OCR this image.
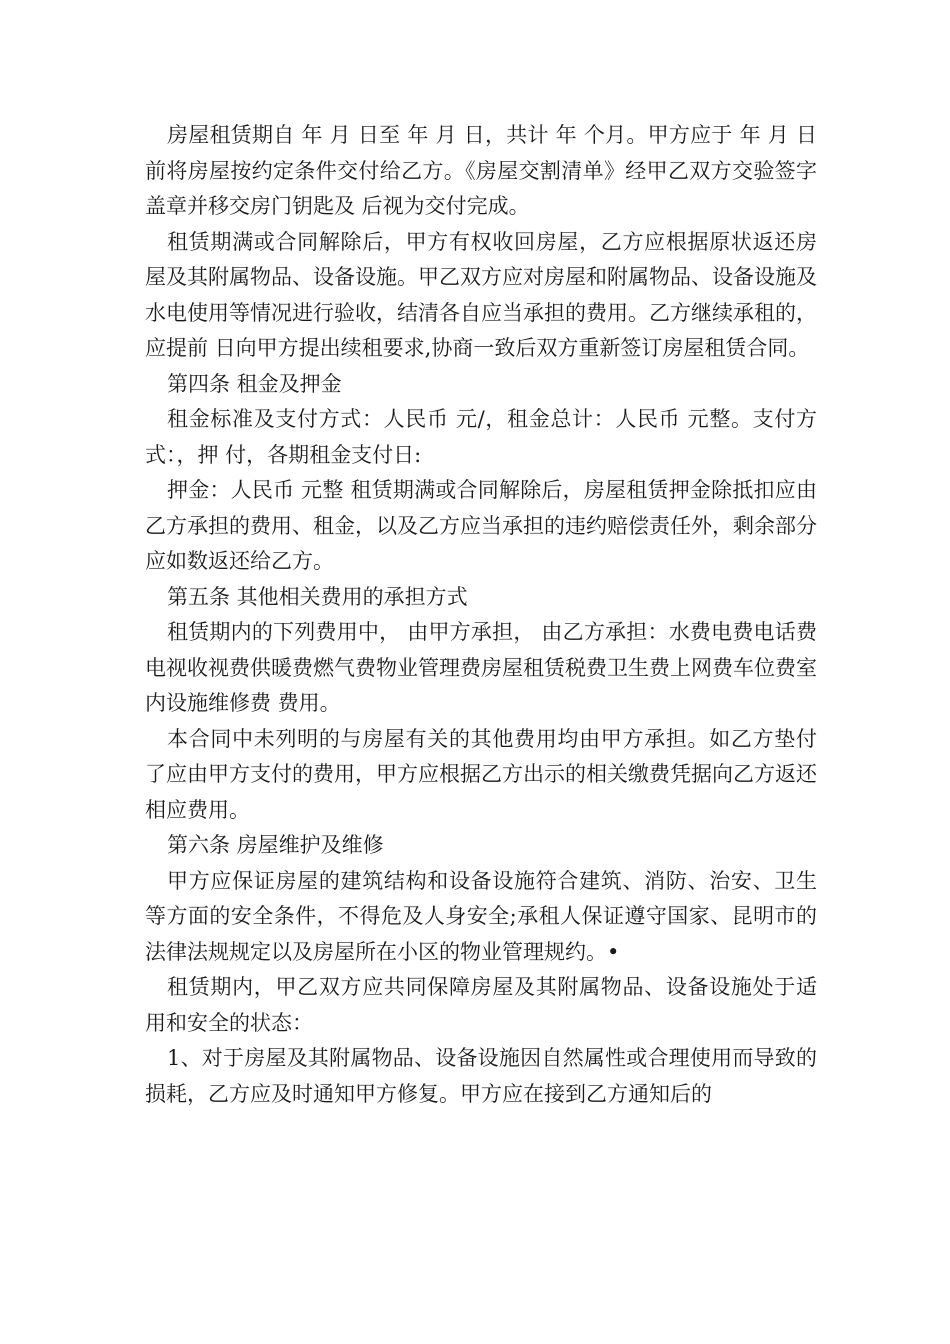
房屋租赁期自 年 月 日至 年 月 日，共计 年 个月。甲方应于 年 月 日前将房屋按约定条件交付给乙方。《房屋交割清单》经甲乙双方交验签字盖章并移交房门钥匙及 后视为交付完成。

租赁期满或合同解除后，甲方有权收回房屋，乙方应根据原状返还房屋及其附属物品、设备设施。甲乙双方应对房屋和附属物品、设备设施及水电使用等情况进行验收，结清各自应当承担的费用。乙方继续承租的，应提前 日向甲方提出续租要求,协商一致后双方重新签订房屋租赁合同。

第四条 租金及押金

租金标准及支付方式：人民币 元/，租金总计：人民币 元整。支付方式：，押 付，各期租金支付日:

押金：人民币 元整 租赁期满或合同解除后，房屋租赁押金除抵扣应由乙方承担的费用、租金，以及乙方应当承担的违约赔偿责任外，剩余部分应如数返还给乙方。

第五条 其他相关费用的承担方式

租赁期内的下列费用中， 由甲方承担， 由乙方承担：水费电费电话费电视收视费供暖费燃气费物业管理费房屋租赁税费卫生费上网费车位费室内设施维修费 费用。

本合同中未列明的与房屋有关的其他费用均由甲方承担。如乙方垫付了应由甲方支付的费用，甲方应根据乙方出示的相关缴费凭据向乙方返还相应费用。

第六条 房屋维护及维修

甲方应保证房屋的建筑结构和设备设施符合建筑、消防、治安、卫生等方面的安全条件，不得危及人身安全;承租人保证遵守国家、昆明市的法律法规规定以及房屋所在小区的物业管理规约。•

租赁期内，甲乙双方应共同保障房屋及其附属物品、设备设施处于适用和安全的状态：

1、对于房屋及其附属物品、设备设施因自然属性或合理使用而导致的损耗，乙方应及时通知甲方修复。甲方应在接到乙方通知后的
